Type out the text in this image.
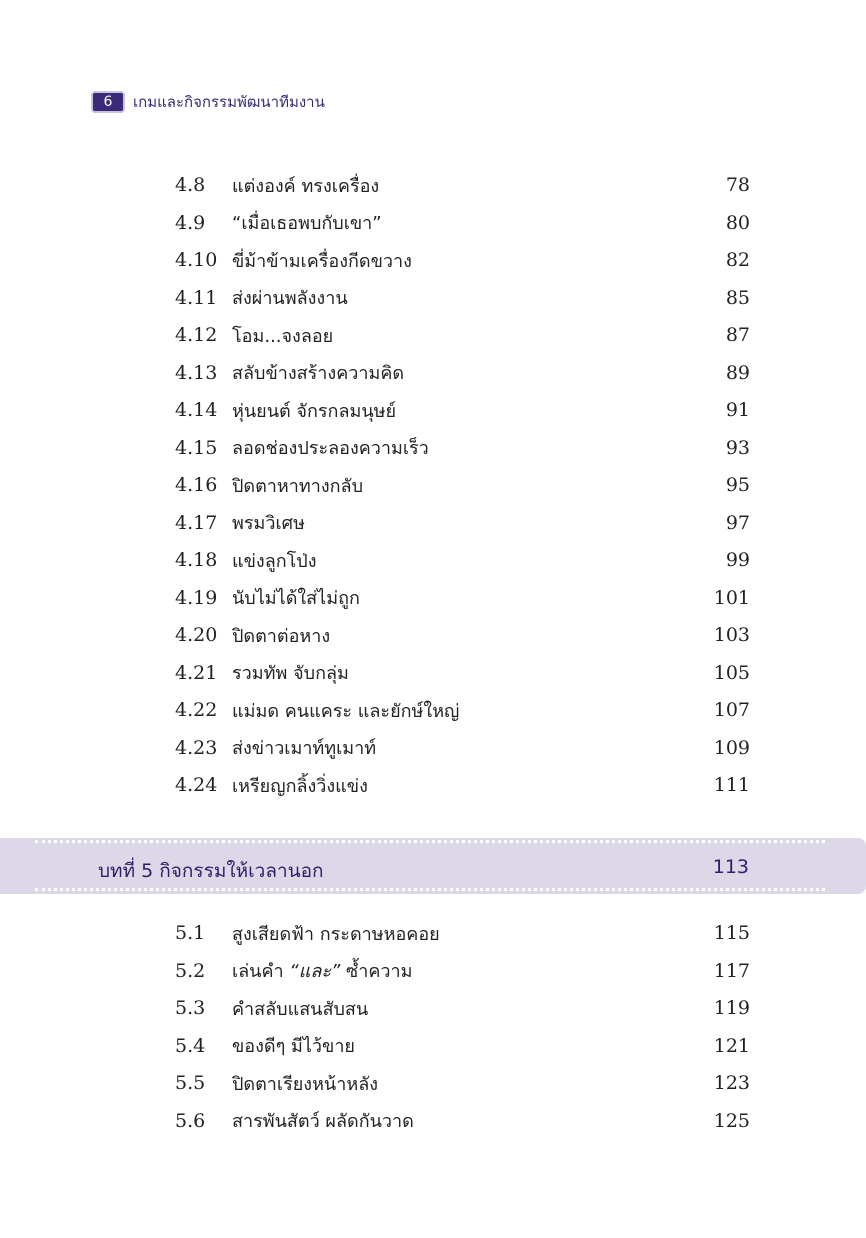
6	เกมและกิจกรรมพัฒนาทีมงาน
4.8	แต่งองค์ ทรงเครื่อง	78
4.9	“เมื่อเธอพบกับเขา”	80
4.10 ขี่ม้าข้ามเครื่องกีดขวาง	82
4.11 ส่งผ่านพลังงาน	85
4.12 โอม...จงลอย	87
4.13 สลับข้างสร้างความคิด	89
4.14 หุ่นยนต์ จักรกลมนุษย์	91
4.15 ลอดช่องประลองความเร็ว	93
4.16 ปิดตาหาทางกลับ	95
4.17 พรมวิเศษ	97
4.18 แข่งลูกโป่ง	99
4.19 นับไม่ได้ใส่ไม่ถูก	101
4.20 ปิดตาต่อหาง	103
4.21 รวมทัพ จับกลุ่ม	105
4.22 แม่มด คนแคระ และยักษ์ใหญ่	107
4.23 ส่งข่าวเมาท์ทูเมาท์	109
4.24 เหรียญกลิ้งวิ่งแข่ง	111
บทที่ 5 กิจกรรมให้เวลานอก	113
5.1	สูงเสียดฟ้า กระดาษหอคอย	115
5.2	เล่นคำ “และ” ซ้ำความ	117
5.3	คำสลับแสนสับสน	119
5.4	ของดีๆ มีไว้ขาย	121
5.5	ปิดตาเรียงหน้าหลัง	123
5.6	สารพันสัตว์ ผลัดกันวาด	125
